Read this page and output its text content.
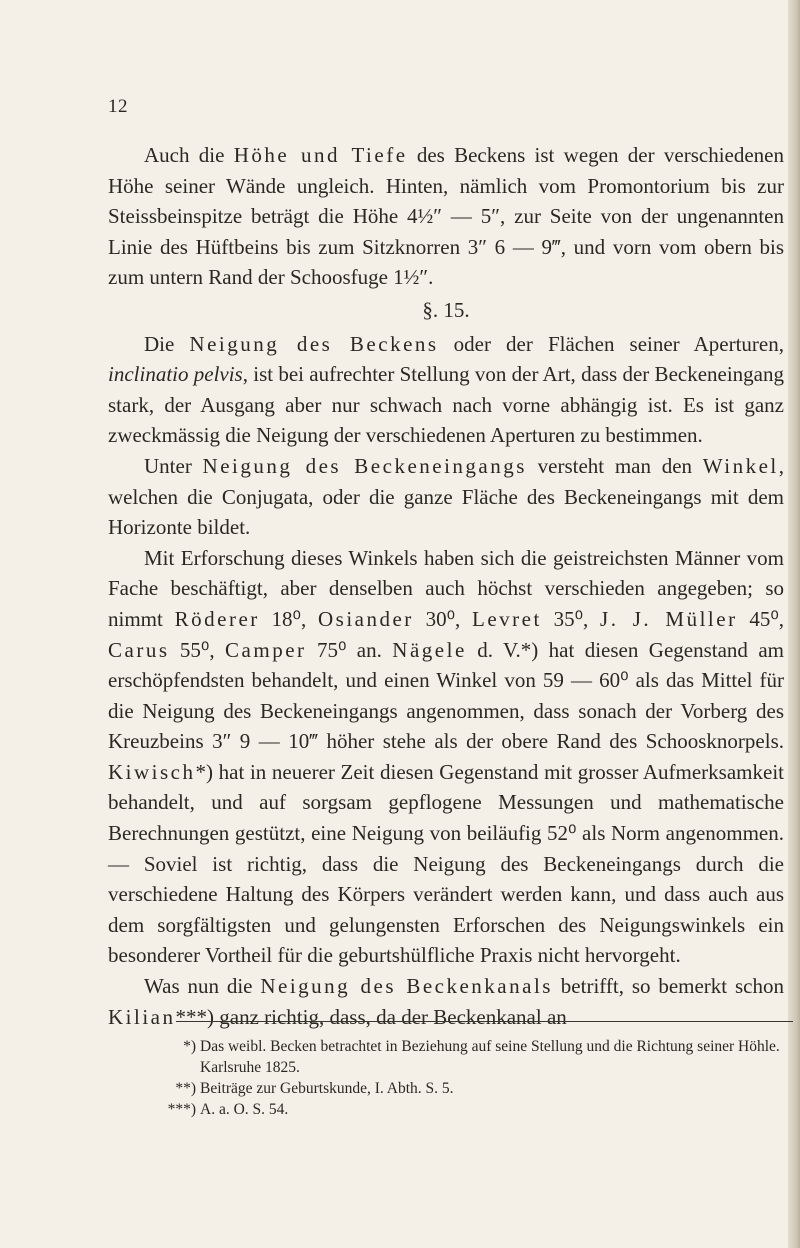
12

Auch die Höhe und Tiefe des Beckens ist wegen der verschiedenen Höhe seiner Wände ungleich. Hinten, nämlich vom Promontorium bis zur Steissbeinspitze beträgt die Höhe 4½″ — 5″, zur Seite von der ungenannten Linie des Hüftbeins bis zum Sitzknorren 3″ 6 — 9‴, und vorn vom obern bis zum untern Rand der Schoosfuge 1½″.

§. 15.

Die Neigung des Beckens oder der Flächen seiner Aperturen, inclinatio pelvis, ist bei aufrechter Stellung von der Art, dass der Beckeneingang stark, der Ausgang aber nur schwach nach vorne abhängig ist. Es ist ganz zweckmässig die Neigung der verschiedenen Aperturen zu bestimmen.

Unter Neigung des Beckeneingangs versteht man den Winkel, welchen die Conjugata, oder die ganze Fläche des Beckeneingangs mit dem Horizonte bildet.

Mit Erforschung dieses Winkels haben sich die geistreichsten Männer vom Fache beschäftigt, aber denselben auch höchst verschieden angegeben; so nimmt Röderer 18⁰, Osiander 30⁰, Levret 35⁰, J. J. Müller 45⁰, Carus 55⁰, Camper 75⁰ an. Nägele d. V.*) hat diesen Gegenstand am erschöpfendsten behandelt, und einen Winkel von 59 — 60⁰ als das Mittel für die Neigung des Beckeneingangs angenommen, dass sonach der Vorberg des Kreuzbeins 3″ 9 — 10‴ höher stehe als der obere Rand des Schoosknorpels. Kiwisch*) hat in neuerer Zeit diesen Gegenstand mit grosser Aufmerksamkeit behandelt, und auf sorgsam gepflogene Messungen und mathematische Berechnungen gestützt, eine Neigung von beiläufig 52⁰ als Norm angenommen. — Soviel ist richtig, dass die Neigung des Beckeneingangs durch die verschiedene Haltung des Körpers verändert werden kann, und dass auch aus dem sorgfältigsten und gelungensten Erforschen des Neigungswinkels ein besonderer Vortheil für die geburtshülfliche Praxis nicht hervorgeht.

Was nun die Neigung des Beckenkanals betrifft, so bemerkt schon Kilian***) ganz richtig, dass, da der Beckenkanal an

*) Das weibl. Becken betrachtet in Beziehung auf seine Stellung und die Richtung seiner Höhle. Karlsruhe 1825.
**) Beiträge zur Geburtskunde, I. Abth. S. 5.
***) A. a. O. S. 54.
